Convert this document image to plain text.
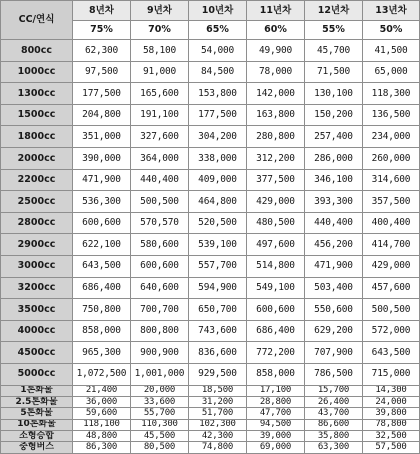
CC/연식	8년차	9년차	10년차	11년차	12년차	13년차
	75%	70%	65%	60%	55%	50%
800cc	62,300	58,100	54,000	49,900	45,700	41,500
1000cc	97,500	91,000	84,500	78,000	71,500	65,000
1300cc	177,500	165,600	153,800	142,000	130,100	118,300
1500cc	204,800	191,100	177,500	163,800	150,200	136,500
1800cc	351,000	327,600	304,200	280,800	257,400	234,000
2000cc	390,000	364,000	338,000	312,200	286,000	260,000
2200cc	471,900	440,400	409,000	377,500	346,100	314,600
2500cc	536,300	500,500	464,800	429,000	393,300	357,500
2800cc	600,600	570,570	520,500	480,500	440,400	400,400
2900cc	622,100	580,600	539,100	497,600	456,200	414,700
3000cc	643,500	600,600	557,700	514,800	471,900	429,000
3200cc	686,400	640,600	594,900	549,100	503,400	457,600
3500cc	750,800	700,700	650,700	600,600	550,600	500,500
4000cc	858,000	800,800	743,600	686,400	629,200	572,000
4500cc	965,300	900,900	836,600	772,200	707,900	643,500
5000cc	1,072,500	1,001,000	929,500	858,000	786,500	715,000
1톤화물	21,400	20,000	18,500	17,100	15,700	14,300
2.5톤화물	36,000	33,600	31,200	28,800	26,400	24,000
5톤화물	59,600	55,700	51,700	47,700	43,700	39,800
10톤화물	118,100	110,300	102,300	94,500	86,600	78,800
소형승합	48,800	45,500	42,300	39,000	35,800	32,500
중형버스	86,300	80,500	74,800	69,000	63,300	57,500
